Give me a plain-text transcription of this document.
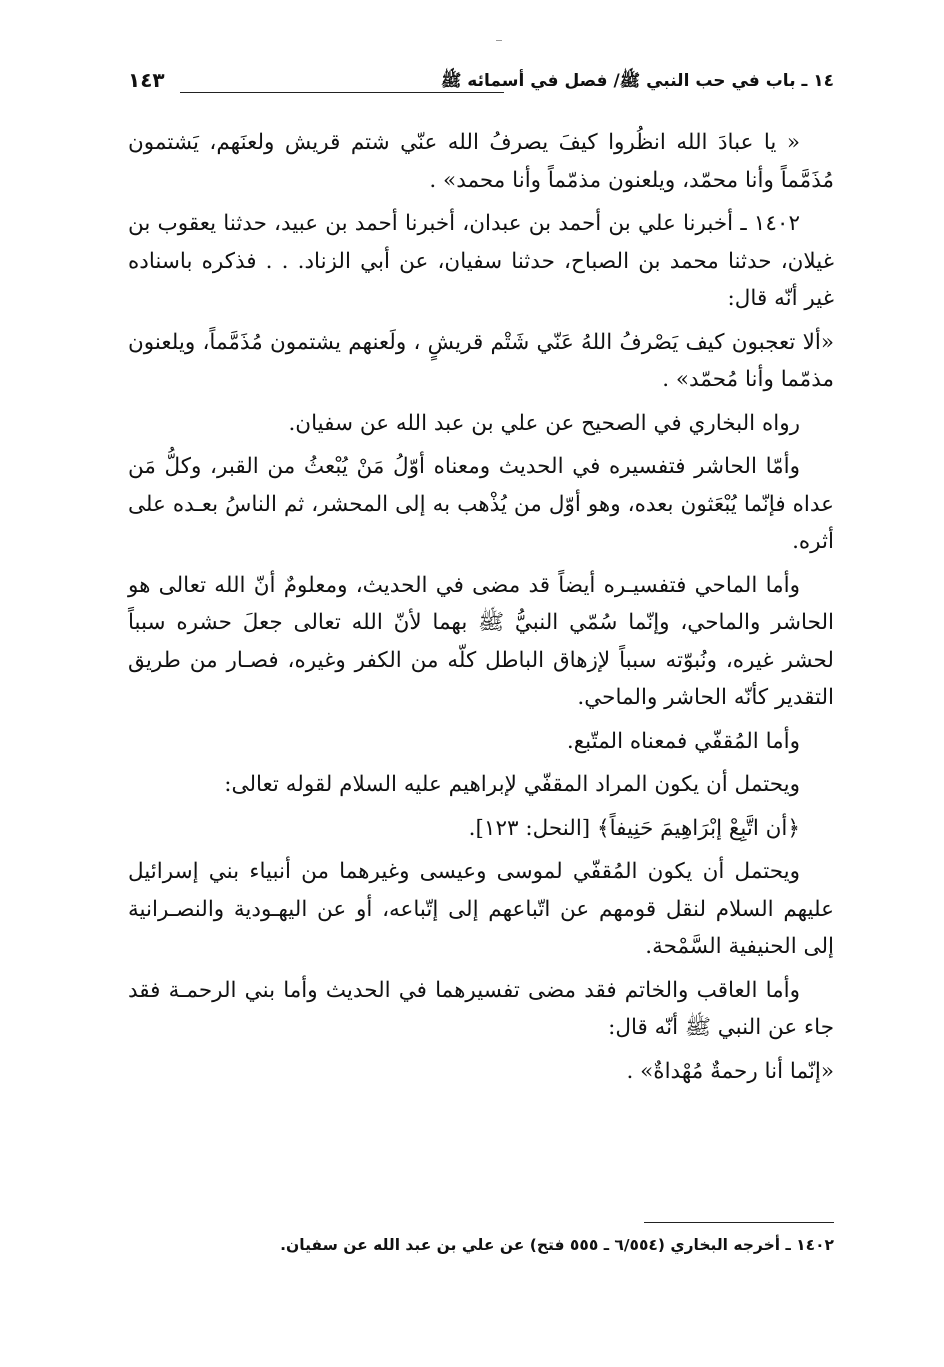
١٤ ـ باب في حب النبي ﷺ/ فصل في أسمائه ﷺ
١٤٣

« يا عبادَ الله انظُروا كيفَ يصرفُ الله عنّي شتم قريش ولعنَهم، يَشتمون مُذَمَّماً وأنا محمّد، ويلعنون مذمّماً وأنا محمد» .

١٤٠٢ ـ أخبرنا علي بن أحمد بن عبدان، أخبرنا أحمد بن عبيد، حدثنا يعقوب بن غيلان، حدثنا محمد بن الصباح، حدثنا سفيان، عن أبي الزناد. . . فذكره باسناده غير أنّه قال:

«ألا تعجبون كيف يَصْرفُ اللهُ عَنّي شَتْم قريشٍ ، ولَعنهم يشتمون مُذَمَّماً، ويلعنون مذمّما وأنا مُحمّد» .

رواه البخاري في الصحيح عن علي بن عبد الله عن سفيان.

وأمّا الحاشر فتفسيره في الحديث ومعناه أوّلُ مَنْ يُبْعثُ من القبر، وكلُّ مَن عداه فإنّما يُبْعَثون بعده، وهو أوّل من يُذْهب به إلى المحشر، ثم الناسُ بعـده على أثره.

وأما الماحي فتفسيـره أيضاً قد مضى في الحديث، ومعلومٌ أنّ الله تعالى هو الحاشر والماحي، وإنّما سُمّي النبيُّ ﷺ بهما لأنّ الله تعالى جعلَ حشره سبباً لحشر غيره، ونُبوّته سبباً لإزهاق الباطل كلّه من الكفر وغيره، فصـار من طريق التقدير كأنّه الحاشر والماحي.

وأما المُقفّي فمعناه المتّبع.

ويحتمل أن يكون المراد المقفّي لإبراهيم عليه السلام لقوله تعالى:

﴿أن اتَّبِعْ إبْرَاهِيمَ حَنِيفاً﴾ [النحل: ١٢٣].

ويحتمل أن يكون المُقفّي لموسى وعيسى وغيرهما من أنبياء بني إسرائيل عليهم السلام لنقل قومهم عن اتّباعهم إلى إتّباعه، أو عن اليهـودية والنصـرانية إلى الحنيفية السَّمْحة.

وأما العاقب والخاتم فقد مضى تفسيرهما في الحديث وأما بني الرحمـة فقد جاء عن النبي ﷺ أنّه قال:

«إنّما أنا رحمةٌ مُهْداةٌ» .

١٤٠٢ ـ أخرجه البخاري (٦/٥٥٤ ـ ٥٥٥ فتح) عن علي بن عبد الله عن سفيان.
